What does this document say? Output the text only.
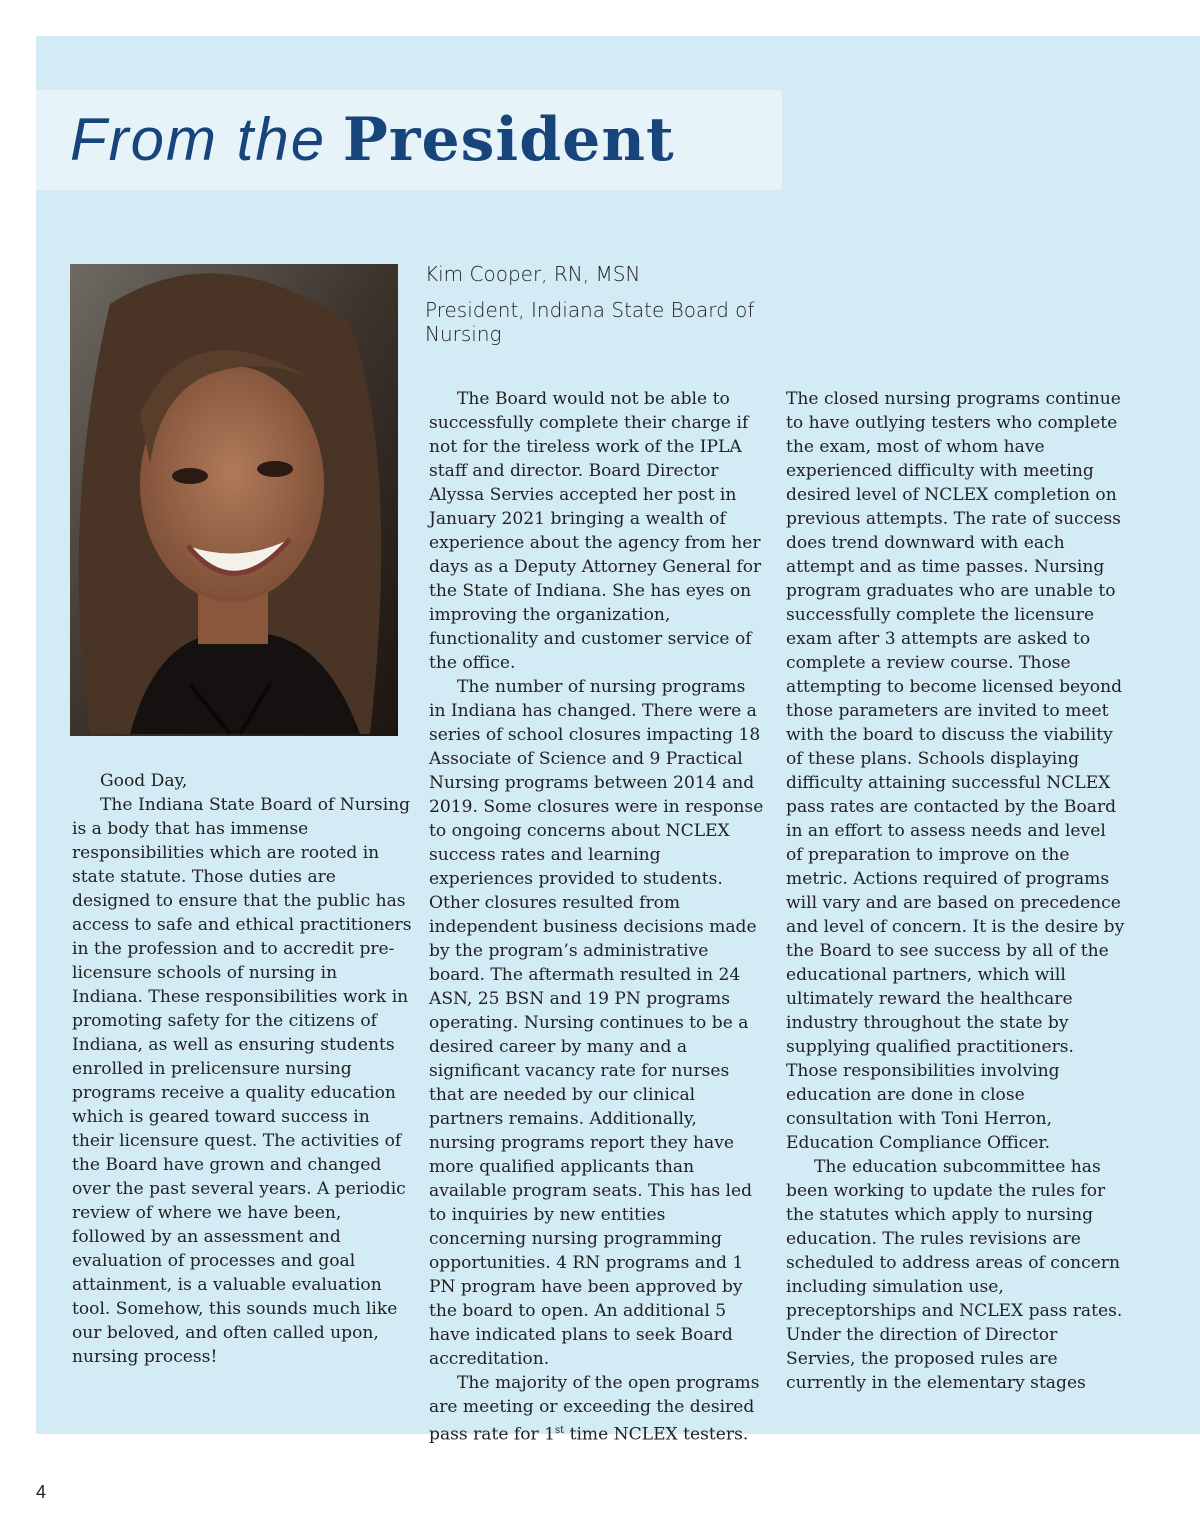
From the President

Kim Cooper, RN, MSN

President, Indiana State Board of Nursing

Good Day,

The Indiana State Board of Nursing is a body that has immense responsibilities which are rooted in state statute. Those duties are designed to ensure that the public has access to safe and ethical practitioners in the profession and to accredit pre-licensure schools of nursing in Indiana. These responsibilities work in promoting safety for the citizens of Indiana, as well as ensuring students enrolled in prelicensure nursing programs receive a quality education which is geared toward success in their licensure quest. The activities of the Board have grown and changed over the past several years. A periodic review of where we have been, followed by an assessment and evaluation of processes and goal attainment, is a valuable evaluation tool. Somehow, this sounds much like our beloved, and often called upon, nursing process!

The Board would not be able to successfully complete their charge if not for the tireless work of the IPLA staff and director. Board Director Alyssa Servies accepted her post in January 2021 bringing a wealth of experience about the agency from her days as a Deputy Attorney General for the State of Indiana. She has eyes on improving the organization, functionality and customer service of the office.

The number of nursing programs in Indiana has changed. There were a series of school closures impacting 18 Associate of Science and 9 Practical Nursing programs between 2014 and 2019. Some closures were in response to ongoing concerns about NCLEX success rates and learning experiences provided to students. Other closures resulted from independent business decisions made by the program’s administrative board. The aftermath resulted in 24 ASN, 25 BSN and 19 PN programs operating. Nursing continues to be a desired career by many and a significant vacancy rate for nurses that are needed by our clinical partners remains. Additionally, nursing programs report they have more qualified applicants than available program seats. This has led to inquiries by new entities concerning nursing programming opportunities. 4 RN programs and 1 PN program have been approved by the board to open. An additional 5 have indicated plans to seek Board accreditation.

The majority of the open programs are meeting or exceeding the desired pass rate for 1st time NCLEX testers.

The closed nursing programs continue to have outlying testers who complete the exam, most of whom have experienced difficulty with meeting desired level of NCLEX completion on previous attempts. The rate of success does trend downward with each attempt and as time passes. Nursing program graduates who are unable to successfully complete the licensure exam after 3 attempts are asked to complete a review course. Those attempting to become licensed beyond those parameters are invited to meet with the board to discuss the viability of these plans. Schools displaying difficulty attaining successful NCLEX pass rates are contacted by the Board in an effort to assess needs and level of preparation to improve on the metric. Actions required of programs will vary and are based on precedence and level of concern. It is the desire by the Board to see success by all of the educational partners, which will ultimately reward the healthcare industry throughout the state by supplying qualified practitioners. Those responsibilities involving education are done in close consultation with Toni Herron, Education Compliance Officer.

The education subcommittee has been working to update the rules for the statutes which apply to nursing education. The rules revisions are scheduled to address areas of concern including simulation use, preceptorships and NCLEX pass rates. Under the direction of Director Servies, the proposed rules are currently in the elementary stages

4
